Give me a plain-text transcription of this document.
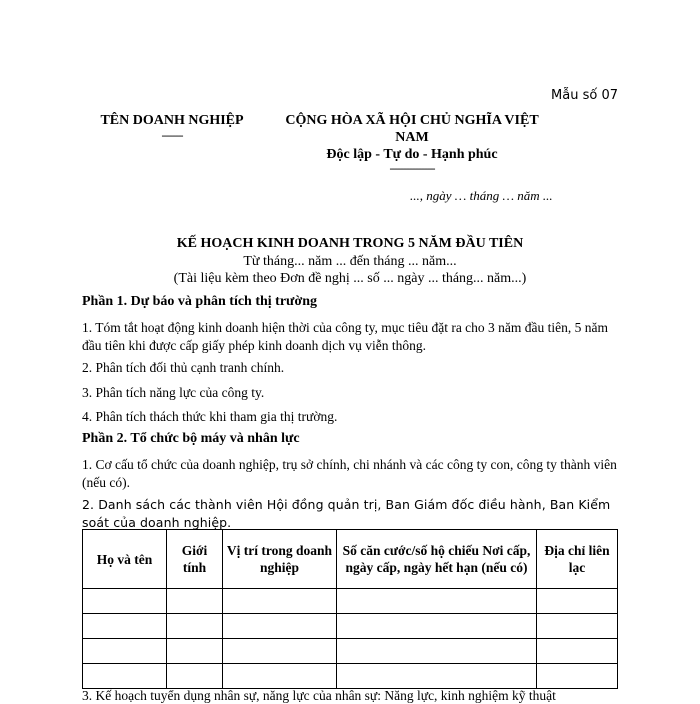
Mẫu số 07
TÊN DOANH NGHIỆP
-------
CỘNG HÒA XÃ HỘI CHỦ NGHĨA VIỆT NAM
Độc lập - Tự do - Hạnh phúc
---------------
..., ngày … tháng … năm ...
KẾ HOẠCH KINH DOANH TRONG 5 NĂM ĐẦU TIÊN
Từ tháng... năm ... đến tháng ... năm...
(Tài liệu kèm theo Đơn đề nghị ... số ... ngày ... tháng... năm...)
Phần 1. Dự báo và phân tích thị trường
1. Tóm tắt hoạt động kinh doanh hiện thời của công ty, mục tiêu đặt ra cho 3 năm đầu tiên, 5 năm đầu tiên khi được cấp giấy phép kinh doanh dịch vụ viễn thông.
2. Phân tích đối thủ cạnh tranh chính.
3. Phân tích năng lực của công ty.
4. Phân tích thách thức khi tham gia thị trường.
Phần 2. Tổ chức bộ máy và nhân lực
1. Cơ cấu tổ chức của doanh nghiệp, trụ sở chính, chi nhánh và các công ty con, công ty thành viên (nếu có).
2. Danh sách các thành viên Hội đồng quản trị, Ban Giám đốc điều hành, Ban Kiểm soát của doanh nghiệp.
Họ và tên	Giới tính	Vị trí trong doanh nghiệp	Số căn cước/số hộ chiếu Nơi cấp, ngày cấp, ngày hết hạn (nếu có)	Địa chỉ liên lạc

3. Kế hoạch tuyển dụng nhân sự, năng lực của nhân sự: Năng lực, kinh nghiệm kỹ thuật
